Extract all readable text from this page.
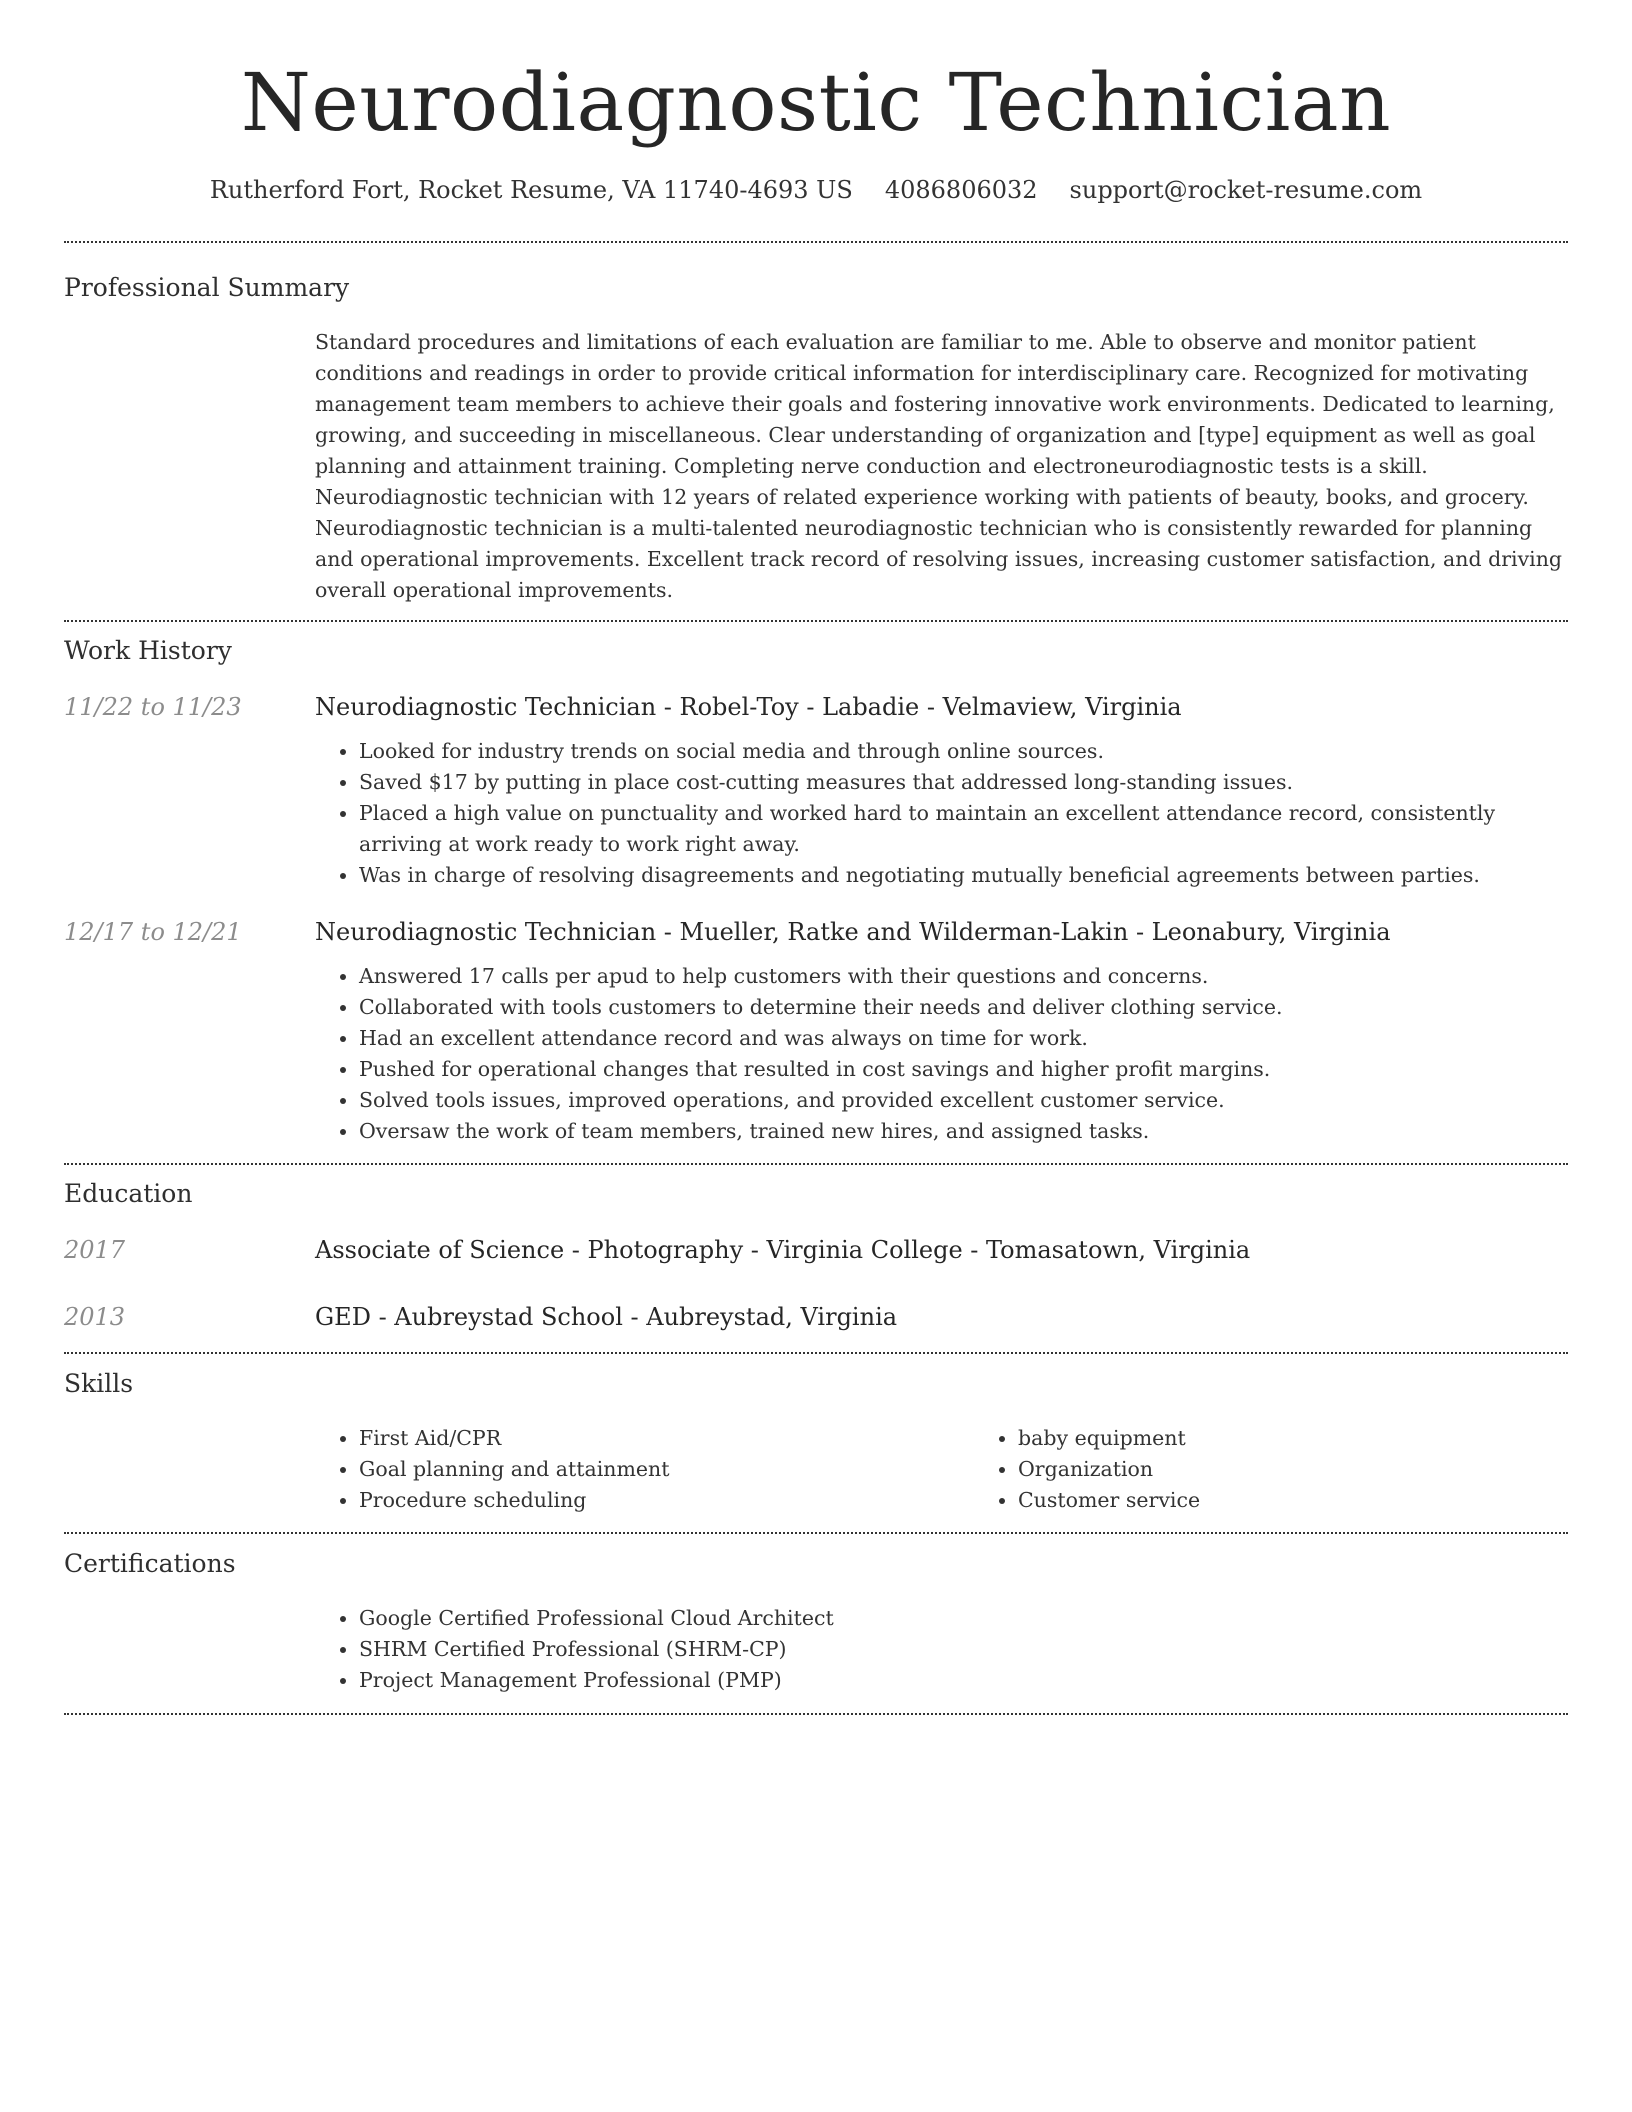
Neurodiagnostic Technician
Rutherford Fort, Rocket Resume, VA 11740-4693 US 4086806032 support@rocket-resume.com
Professional Summary
Standard procedures and limitations of each evaluation are familiar to me. Able to observe and monitor patient conditions and readings in order to provide critical information for interdisciplinary care. Recognized for motivating management team members to achieve their goals and fostering innovative work environments. Dedicated to learning, growing, and succeeding in miscellaneous. Clear understanding of organization and [type] equipment as well as goal planning and attainment training. Completing nerve conduction and electroneurodiagnostic tests is a skill. Neurodiagnostic technician with 12 years of related experience working with patients of beauty, books, and grocery. Neurodiagnostic technician is a multi-talented neurodiagnostic technician who is consistently rewarded for planning and operational improvements. Excellent track record of resolving issues, increasing customer satisfaction, and driving overall operational improvements.
Work History
11/22 to 11/23	Neurodiagnostic Technician - Robel-Toy - Labadie - Velmaview, Virginia
• Looked for industry trends on social media and through online sources.
• Saved $17 by putting in place cost-cutting measures that addressed long-standing issues.
• Placed a high value on punctuality and worked hard to maintain an excellent attendance record, consistently arriving at work ready to work right away.
• Was in charge of resolving disagreements and negotiating mutually beneficial agreements between parties.
12/17 to 12/21	Neurodiagnostic Technician - Mueller, Ratke and Wilderman-Lakin - Leonabury, Virginia
• Answered 17 calls per apud to help customers with their questions and concerns.
• Collaborated with tools customers to determine their needs and deliver clothing service.
• Had an excellent attendance record and was always on time for work.
• Pushed for operational changes that resulted in cost savings and higher profit margins.
• Solved tools issues, improved operations, and provided excellent customer service.
• Oversaw the work of team members, trained new hires, and assigned tasks.
Education
2017	Associate of Science - Photography - Virginia College - Tomasatown, Virginia
2013	GED - Aubreystad School - Aubreystad, Virginia
Skills
• First Aid/CPR
• Goal planning and attainment
• Procedure scheduling
• baby equipment
• Organization
• Customer service
Certifications
• Google Certified Professional Cloud Architect
• SHRM Certified Professional (SHRM-CP)
• Project Management Professional (PMP)
